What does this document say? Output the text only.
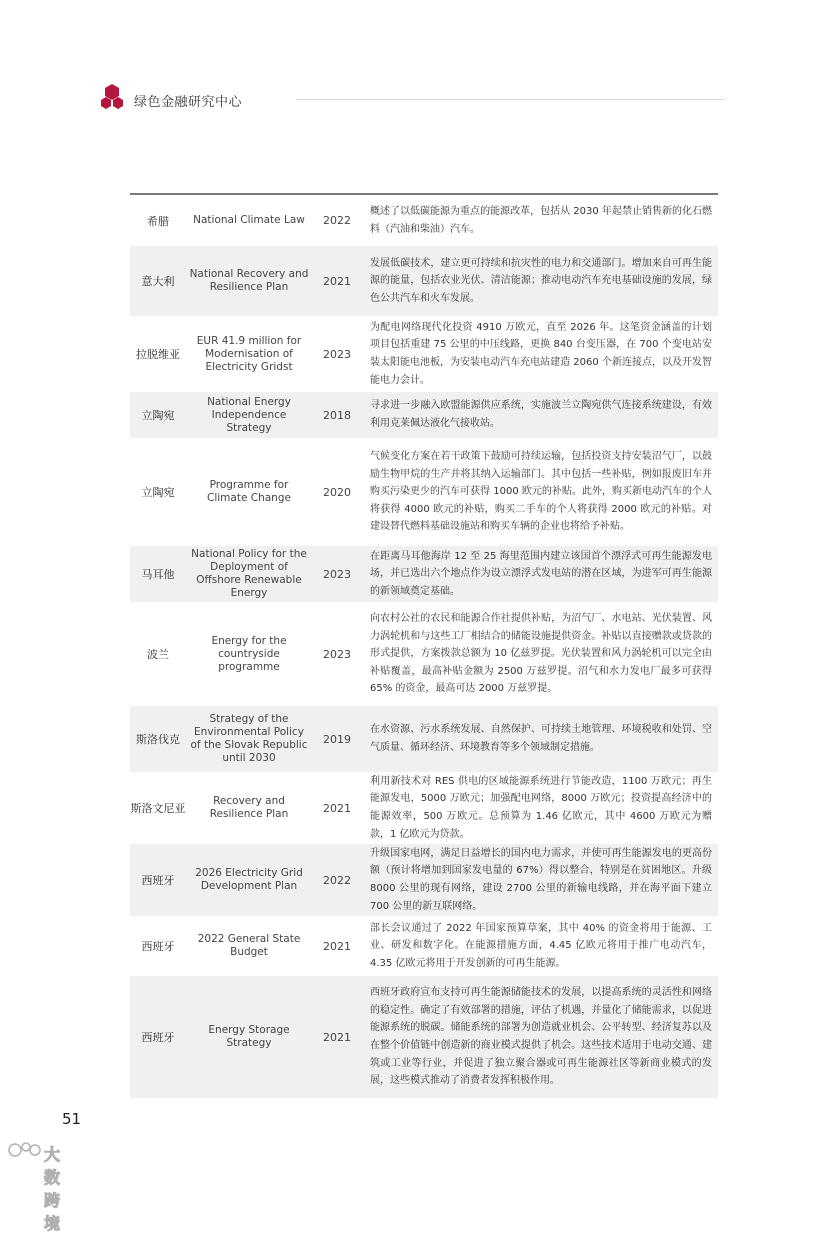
绿色金融研究中心
希腊	National Climate Law	2022	概述了以低碳能源为重点的能源改革，包括从 2030 年起禁止销售新的化石燃料（汽油和柴油）汽车。
意大利	National Recovery and Resilience Plan	2021	发展低碳技术，建立更可持续和抗灾性的电力和交通部门。增加来自可再生能源的能量，包括农业光伏、清洁能源；推动电动汽车充电基础设施的发展，绿色公共汽车和火车发展。
拉脱维亚	EUR 41.9 million for Modernisation of Electricity Gridst	2023	为配电网络现代化投资 4910 万欧元，直至 2026 年。这笔资金涵盖的计划项目包括重建 75 公里的中压线路，更换 840 台变压器，在 700 个变电站安装太阳能电池板，为安装电动汽车充电站建造 2060 个新连接点，以及开发智能电力会计。
立陶宛	National Energy Independence Strategy	2018	寻求进一步融入欧盟能源供应系统，实施波兰立陶宛供气连接系统建设，有效利用克莱佩达液化气接收站。
立陶宛	Programme for Climate Change	2020	气候变化方案在若干政策下鼓励可持续运输，包括投资支持安装沼气厂，以鼓励生物甲烷的生产并将其纳入运输部门。其中包括一些补贴，例如报废旧车并购买污染更少的汽车可获得 1000 欧元的补贴。此外，购买新电动汽车的个人将获得 4000 欧元的补贴，购买二手车的个人将获得 2000 欧元的补贴。对建设替代燃料基础设施站和购买车辆的企业也将给予补贴。
马耳他	National Policy for the Deployment of Offshore Renewable Energy	2023	在距离马耳他海岸 12 至 25 海里范围内建立该国首个漂浮式可再生能源发电场，并已选出六个地点作为设立漂浮式发电站的潜在区域，为进军可再生能源的新领域奠定基础。
波兰	Energy for the countryside programme	2023	向农村公社的农民和能源合作社提供补贴，为沼气厂、水电站、光伏装置、风力涡轮机和与这些工厂相结合的储能设施提供资金。补贴以直接赠款或贷款的形式提供，方案拨款总额为 10 亿兹罗提。光伏装置和风力涡轮机可以完全由补贴覆盖，最高补贴金额为 2500 万兹罗提。沼气和水力发电厂最多可获得 65% 的资金，最高可达 2000 万兹罗提。
斯洛伐克	Strategy of the Environmental Policy of the Slovak Republic until 2030	2019	在水资源、污水系统发展、自然保护、可持续土地管理、环境税收和处罚、空气质量、循环经济、环境教育等多个领域制定措施。
斯洛文尼亚	Recovery and Resilience Plan	2021	利用新技术对 RES 供电的区域能源系统进行节能改造，1100 万欧元；再生能源发电，5000 万欧元；加强配电网络，8000 万欧元；投资提高经济中的能源效率，500 万欧元。总预算为 1.46 亿欧元，其中 4600 万欧元为赠款，1 亿欧元为贷款。
西班牙	2026 Electricity Grid Development Plan	2022	升级国家电网，满足日益增长的国内电力需求，并使可再生能源发电的更高份额（预计将增加到国家发电量的 67%）得以整合，特别是在贫困地区。升级 8000 公里的现有网络，建设 2700 公里的新输电线路，并在海平面下建立 700 公里的新互联网络。
西班牙	2022 General State Budget	2021	部长会议通过了 2022 年国家预算草案，其中 40% 的资金将用于能源、工业、研发和数字化。在能源措施方面，4.45 亿欧元将用于推广电动汽车，4.35 亿欧元将用于开发创新的可再生能源。
西班牙	Energy Storage Strategy	2021	西班牙政府宣布支持可再生能源储能技术的发展，以提高系统的灵活性和网络的稳定性。确定了有效部署的措施，评估了机遇，并量化了储能需求，以促进能源系统的脱碳。储能系统的部署为创造就业机会、公平转型、经济复苏以及在整个价值链中创造新的商业模式提供了机会。这些技术适用于电动交通、建筑或工业等行业，并促进了独立聚合器或可再生能源社区等新商业模式的发展，这些模式推动了消费者发挥积极作用。
51
大数跨境
